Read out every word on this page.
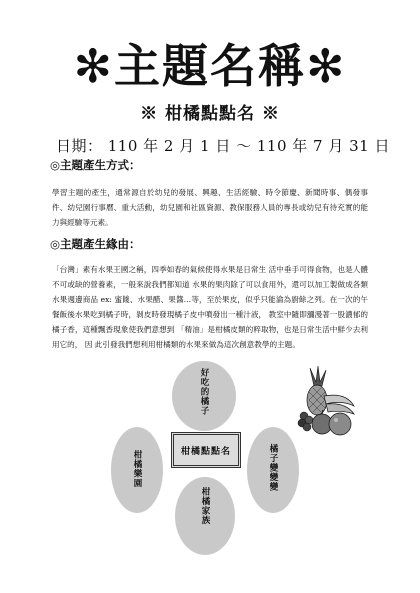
✻主題名稱✻
※ 柑橘點點名 ※
日期： 110 年 2 月 1 日 ～ 110 年 7 月 31 日
◎主題產生方式：
學習主題的產生，通常源自於幼兒的發展、興趣、生活經驗、時令節慶、新聞時事、偶發事件、幼兒園行事曆、重大活動，幼兒園和社區資源、教保服務人員的專長或幼兒有待充實的能力與經驗等元素。
◎主題產生緣由：
「台灣」素有水果王國之稱，四季如春的氣候使得水果是日常生 活中垂手可得食物，也是人體不可或缺的營養素，一般來說我們都知道 水果的果肉除了可以食用外，還可以加工製做成各類水果週邊商品 ex: 蜜餞、水果醋、果醬…等，至於果皮，似乎只能淪為廚餘之列。在一次的午餐飯後水果吃到橘子時，剝皮時發現橘子皮中噴發出一種汁液， 教室中隨即瀰漫著一股濃郁的橘子香，這種飄香現象使我們意想到 「精油」是柑橘皮類的粹取物，也是日常生活中鮮少去利用它的， 因 此引發我們想利用柑橘類的水果來做為這次創意教學的主題。
好吃的橘子
柑橘樂園	橘子變變變
柑橘家族
柑橘點點名
